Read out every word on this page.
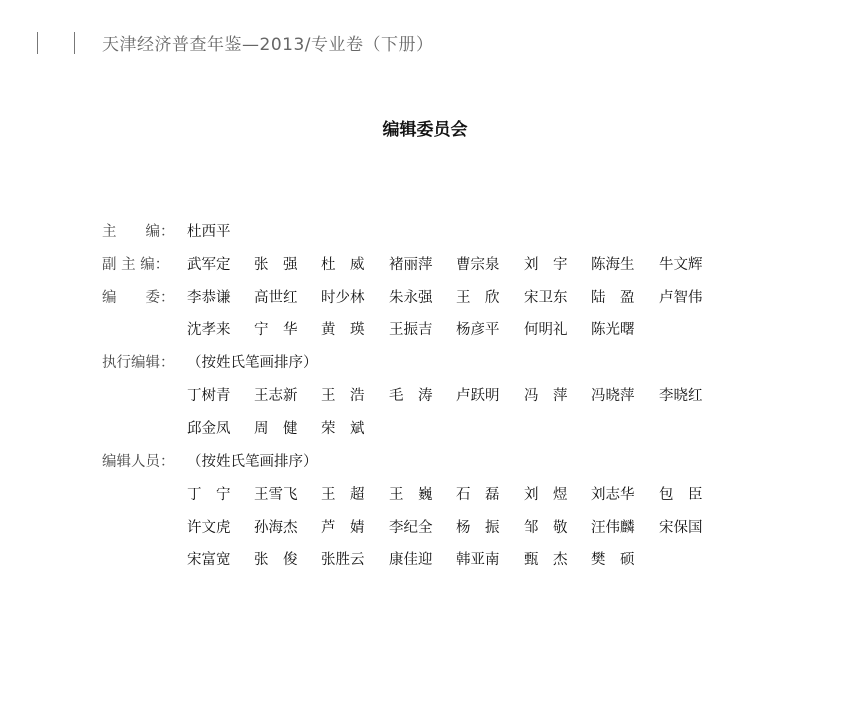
天津经济普查年鉴—2013/专业卷（下册）
编辑委员会
主　　编： 杜西平
副 主 编： 武军定 张　强 杜　威 褚丽萍 曹宗泉 刘　宇 陈海生 牛文辉
编　　委： 李恭谦 高世红 时少林 朱永强 王　欣 宋卫东 陆　盈 卢智伟
沈孝来 宁　华 黄　瑛 王振吉 杨彦平 何明礼 陈光曙
执行编辑： （按姓氏笔画排序）
丁树青 王志新 王　浩 毛　涛 卢跃明 冯　萍 冯晓萍 李晓红
邱金凤 周　健 荣　斌
编辑人员： （按姓氏笔画排序）
丁　宁 王雪飞 王　超 王　巍 石　磊 刘　煜 刘志华 包　臣
许文虎 孙海杰 芦　婧 李纪全 杨　振 邹　敬 汪伟麟 宋保国
宋富宽 张　俊 张胜云 康佳迎 韩亚南 甄　杰 樊　硕
